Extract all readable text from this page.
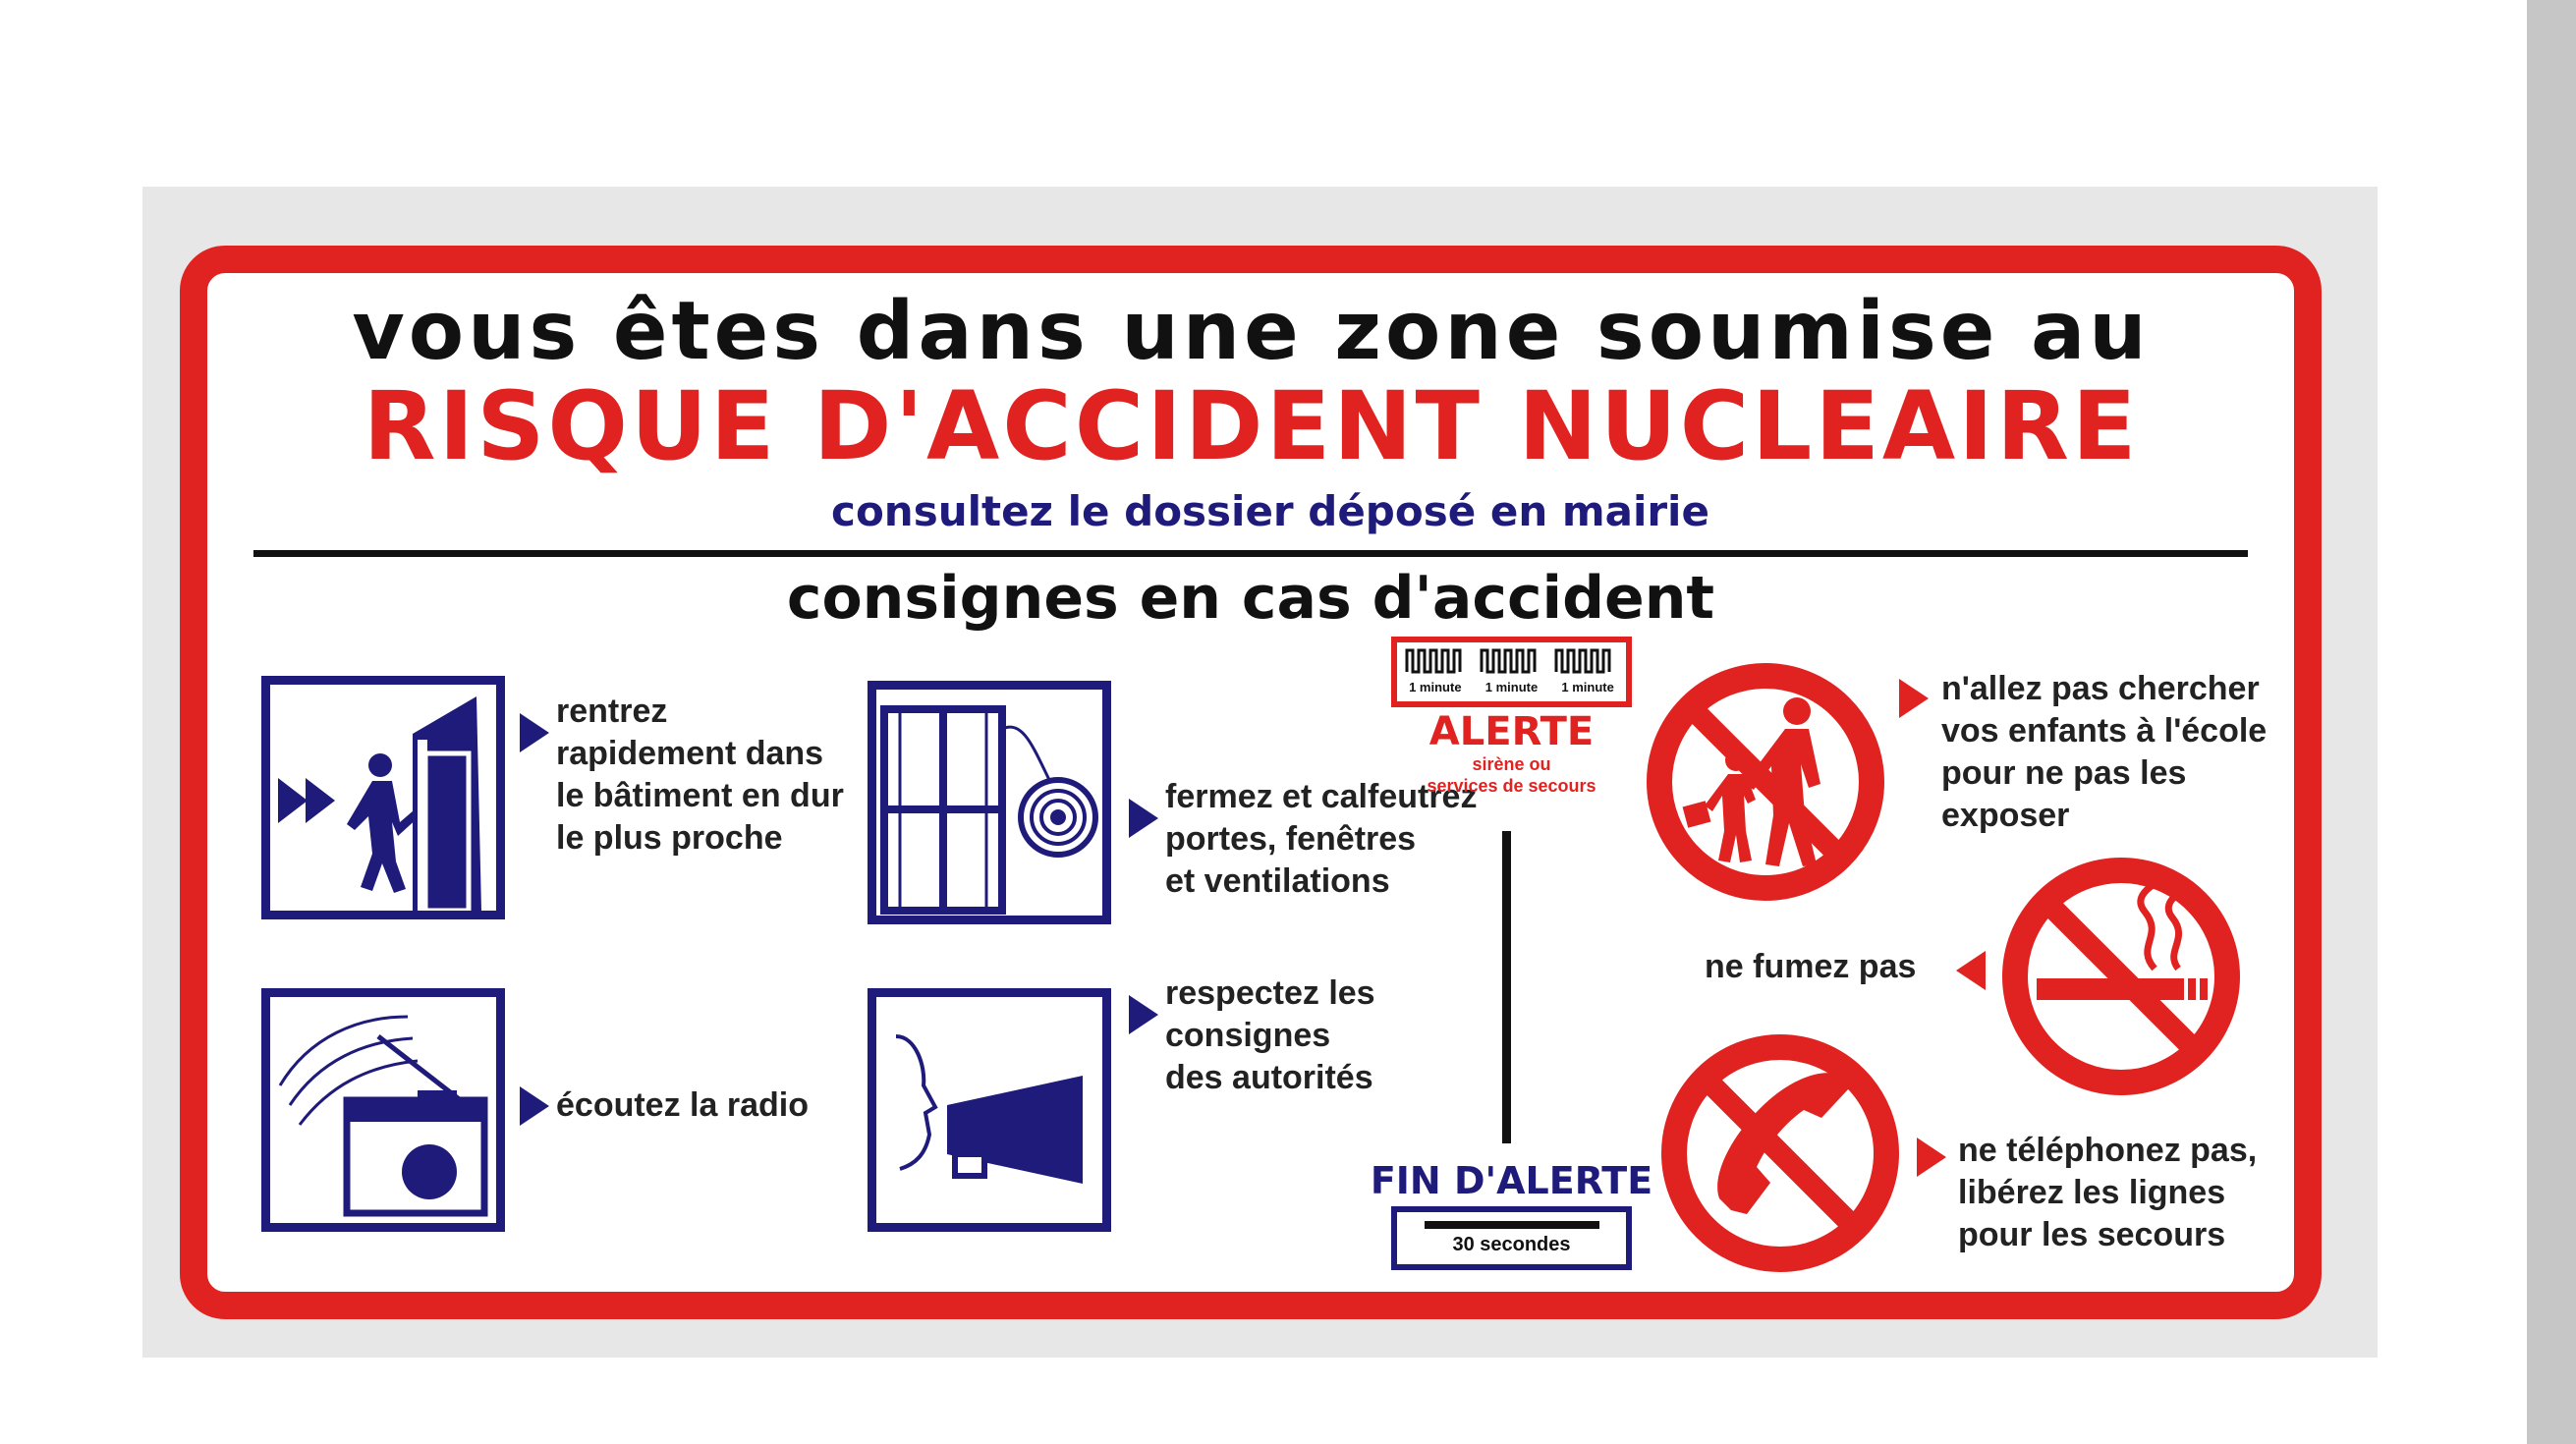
vous êtes dans une zone soumise au
RISQUE D'ACCIDENT NUCLEAIRE
consultez le dossier déposé en mairie
consignes en cas d'accident
rentrez
rapidement dans
le bâtiment en dur
le plus proche
fermez et calfeutrez
portes, fenêtres
et ventilations
écoutez la radio
respectez les
consignes
des autorités
1 minute 1 minute 1 minute
ALERTE
sirène ou
services de secours
FIN D'ALERTE
30 secondes
n'allez pas chercher
vos enfants à l'école
pour ne pas les
exposer
ne fumez pas
ne téléphonez pas,
libérez les lignes
pour les secours
